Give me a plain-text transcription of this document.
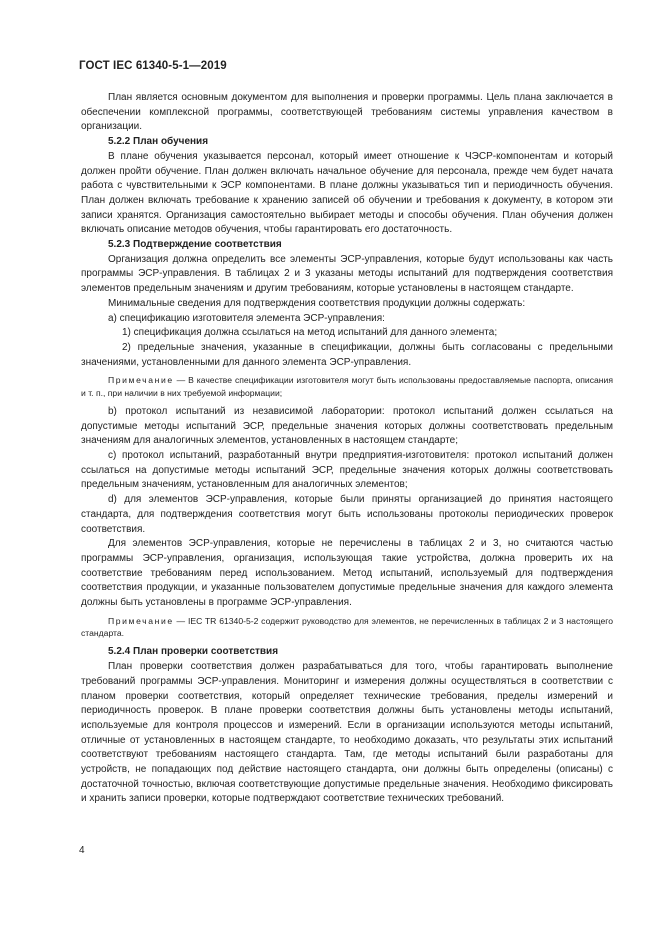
ГОСТ IEC 61340-5-1—2019

План является основным документом для выполнения и проверки программы. Цель плана заключается в обеспечении комплексной программы, соответствующей требованиям системы управления качеством в организации.

5.2.2 План обучения

В плане обучения указывается персонал, который имеет отношение к ЧЭСР-компонентам и который должен пройти обучение. План должен включать начальное обучение для персонала, прежде чем будет начата работа с чувствительными к ЭСР компонентами. В плане должны указываться тип и периодичность обучения. План должен включать требование к хранению записей об обучении и требования к документу, в котором эти записи хранятся. Организация самостоятельно выбирает методы и способы обучения. План обучения должен включать описание методов обучения, чтобы гарантировать его достаточность.

5.2.3 Подтверждение соответствия

Организация должна определить все элементы ЭСР-управления, которые будут использованы как часть программы ЭСР-управления. В таблицах 2 и 3 указаны методы испытаний для подтверждения соответствия элементов предельным значениям и другим требованиям, которые установлены в настоящем стандарте.

Минимальные сведения для подтверждения соответствия продукции должны содержать:

а) спецификацию изготовителя элемента ЭСР-управления:

1) спецификация должна ссылаться на метод испытаний для данного элемента;

2) предельные значения, указанные в спецификации, должны быть согласованы с предельными значениями, установленными для данного элемента ЭСР-управления.

Примечание — В качестве спецификации изготовителя могут быть использованы предоставляемые паспорта, описания и т. п., при наличии в них требуемой информации;

b) протокол испытаний из независимой лаборатории: протокол испытаний должен ссылаться на допустимые методы испытаний ЭСР, предельные значения которых должны соответствовать предельным значениям для аналогичных элементов, установленных в настоящем стандарте;

с) протокол испытаний, разработанный внутри предприятия-изготовителя: протокол испытаний должен ссылаться на допустимые методы испытаний ЭСР, предельные значения которых должны соответствовать предельным значениям, установленным для аналогичных элементов;

d) для элементов ЭСР-управления, которые были приняты организацией до принятия настоящего стандарта, для подтверждения соответствия могут быть использованы протоколы периодических проверок соответствия.

Для элементов ЭСР-управления, которые не перечислены в таблицах 2 и 3, но считаются частью программы ЭСР-управления, организация, использующая такие устройства, должна проверить их на соответствие требованиям перед использованием. Метод испытаний, используемый для подтверждения соответствия продукции, и указанные пользователем допустимые предельные значения для каждого элемента должны быть установлены в программе ЭСР-управления.

Примечание — IEC TR 61340-5-2 содержит руководство для элементов, не перечисленных в таблицах 2 и 3 настоящего стандарта.

5.2.4 План проверки соответствия

План проверки соответствия должен разрабатываться для того, чтобы гарантировать выполнение требований программы ЭСР-управления. Мониторинг и измерения должны осуществляться в соответствии с планом проверки соответствия, который определяет технические требования, пределы измерений и периодичность проверок. В плане проверки соответствия должны быть установлены методы испытаний, используемые для контроля процессов и измерений. Если в организации используются методы испытаний, отличные от установленных в настоящем стандарте, то необходимо доказать, что результаты этих испытаний соответствуют требованиям настоящего стандарта. Там, где методы испытаний были разработаны для устройств, не попадающих под действие настоящего стандарта, они должны быть определены (описаны) с достаточной точностью, включая соответствующие допустимые предельные значения. Необходимо фиксировать и хранить записи проверки, которые подтверждают соответствие технических требований.

4
